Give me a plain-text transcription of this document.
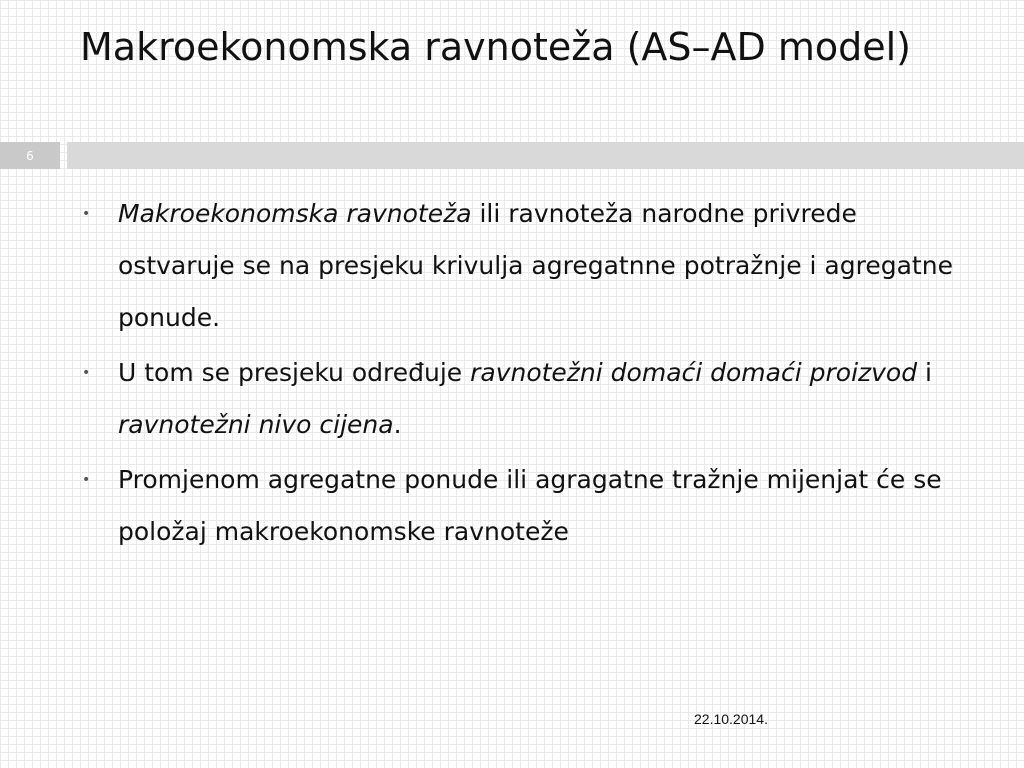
Makroekonomska ravnoteža (AS–AD model)
6

• Makroekonomska ravnoteža ili ravnoteža narodne privrede ostvaruje se na presjeku krivulja agregatnne potražnje i agregatne ponude.

• U tom se presjeku određuje ravnotežni domaći domaći proizvod i ravnotežni nivo cijena.

• Promjenom agregatne ponude ili agragatne tražnje mijenjat će se položaj makroekonomske ravnoteže

22.10.2014.
